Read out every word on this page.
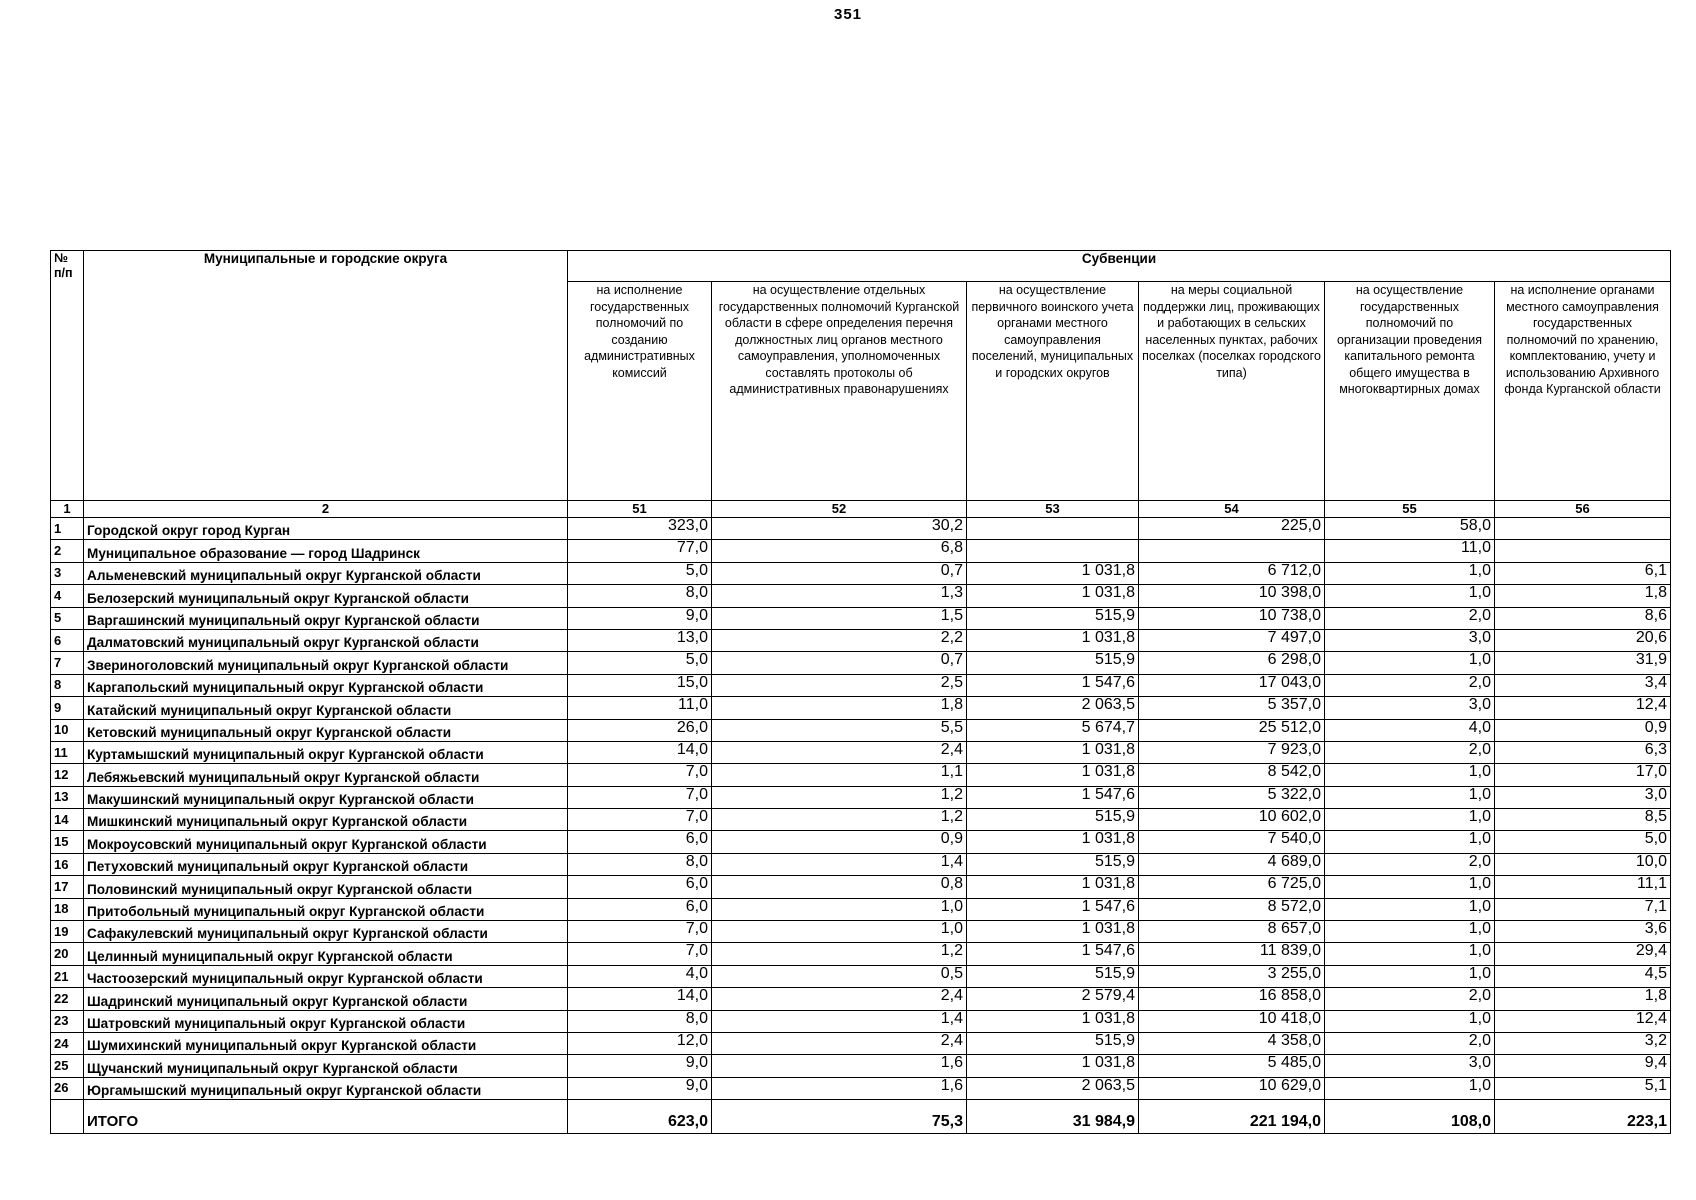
351
№ п/п	Муниципальные и городские округа	Субвенции					
		на исполнение государственных полномочий по созданию административных комиссий	на осуществление отдельных государственных полномочий Курганской области в сфере определения перечня должностных лиц органов местного самоуправления, уполномоченных составлять протоколы об административных правонарушениях	на осуществление первичного воинского учета органами местного самоуправления поселений, муниципальных и городских округов	на меры социальной поддержки лиц, проживающих и работающих в сельских населенных пунктах, рабочих поселках (поселках городского типа)	на осуществление государственных полномочий по организации проведения капитального ремонта общего имущества в многоквартирных домах	на исполнение органами местного самоуправления государственных полномочий по хранению, комплектованию, учету и использованию Архивного фонда Курганской области
1	2	51	52	53	54	55	56
1	Городской округ город Курган	323,0	30,2		225,0	58,0	
2	Муниципальное образование — город Шадринск	77,0	6,8			11,0	
3	Альменевский муниципальный округ Курганской области	5,0	0,7	1 031,8	6 712,0	1,0	6,1
4	Белозерский муниципальный округ Курганской области	8,0	1,3	1 031,8	10 398,0	1,0	1,8
5	Варгашинский муниципальный округ Курганской области	9,0	1,5	515,9	10 738,0	2,0	8,6
6	Далматовский муниципальный округ Курганской области	13,0	2,2	1 031,8	7 497,0	3,0	20,6
7	Звериноголовский муниципальный округ Курганской области	5,0	0,7	515,9	6 298,0	1,0	31,9
8	Каргапольский муниципальный округ Курганской области	15,0	2,5	1 547,6	17 043,0	2,0	3,4
9	Катайский муниципальный округ Курганской области	11,0	1,8	2 063,5	5 357,0	3,0	12,4
10	Кетовский муниципальный округ Курганской области	26,0	5,5	5 674,7	25 512,0	4,0	0,9
11	Куртамышский муниципальный округ Курганской области	14,0	2,4	1 031,8	7 923,0	2,0	6,3
12	Лебяжьевский муниципальный округ Курганской области	7,0	1,1	1 031,8	8 542,0	1,0	17,0
13	Макушинский муниципальный округ Курганской области	7,0	1,2	1 547,6	5 322,0	1,0	3,0
14	Мишкинский муниципальный округ Курганской области	7,0	1,2	515,9	10 602,0	1,0	8,5
15	Мокроусовский муниципальный округ Курганской области	6,0	0,9	1 031,8	7 540,0	1,0	5,0
16	Петуховский муниципальный округ Курганской области	8,0	1,4	515,9	4 689,0	2,0	10,0
17	Половинский муниципальный округ Курганской области	6,0	0,8	1 031,8	6 725,0	1,0	11,1
18	Притобольный муниципальный округ Курганской области	6,0	1,0	1 547,6	8 572,0	1,0	7,1
19	Сафакулевский муниципальный округ Курганской области	7,0	1,0	1 031,8	8 657,0	1,0	3,6
20	Целинный муниципальный округ Курганской области	7,0	1,2	1 547,6	11 839,0	1,0	29,4
21	Частоозерский муниципальный округ Курганской области	4,0	0,5	515,9	3 255,0	1,0	4,5
22	Шадринский муниципальный округ Курганской области	14,0	2,4	2 579,4	16 858,0	2,0	1,8
23	Шатровский муниципальный округ Курганской области	8,0	1,4	1 031,8	10 418,0	1,0	12,4
24	Шумихинский муниципальный округ Курганской области	12,0	2,4	515,9	4 358,0	2,0	3,2
25	Щучанский муниципальный округ Курганской области	9,0	1,6	1 031,8	5 485,0	3,0	9,4
26	Юргамышский муниципальный округ Курганской области	9,0	1,6	2 063,5	10 629,0	1,0	5,1
	ИТОГО	623,0	75,3	31 984,9	221 194,0	108,0	223,1
